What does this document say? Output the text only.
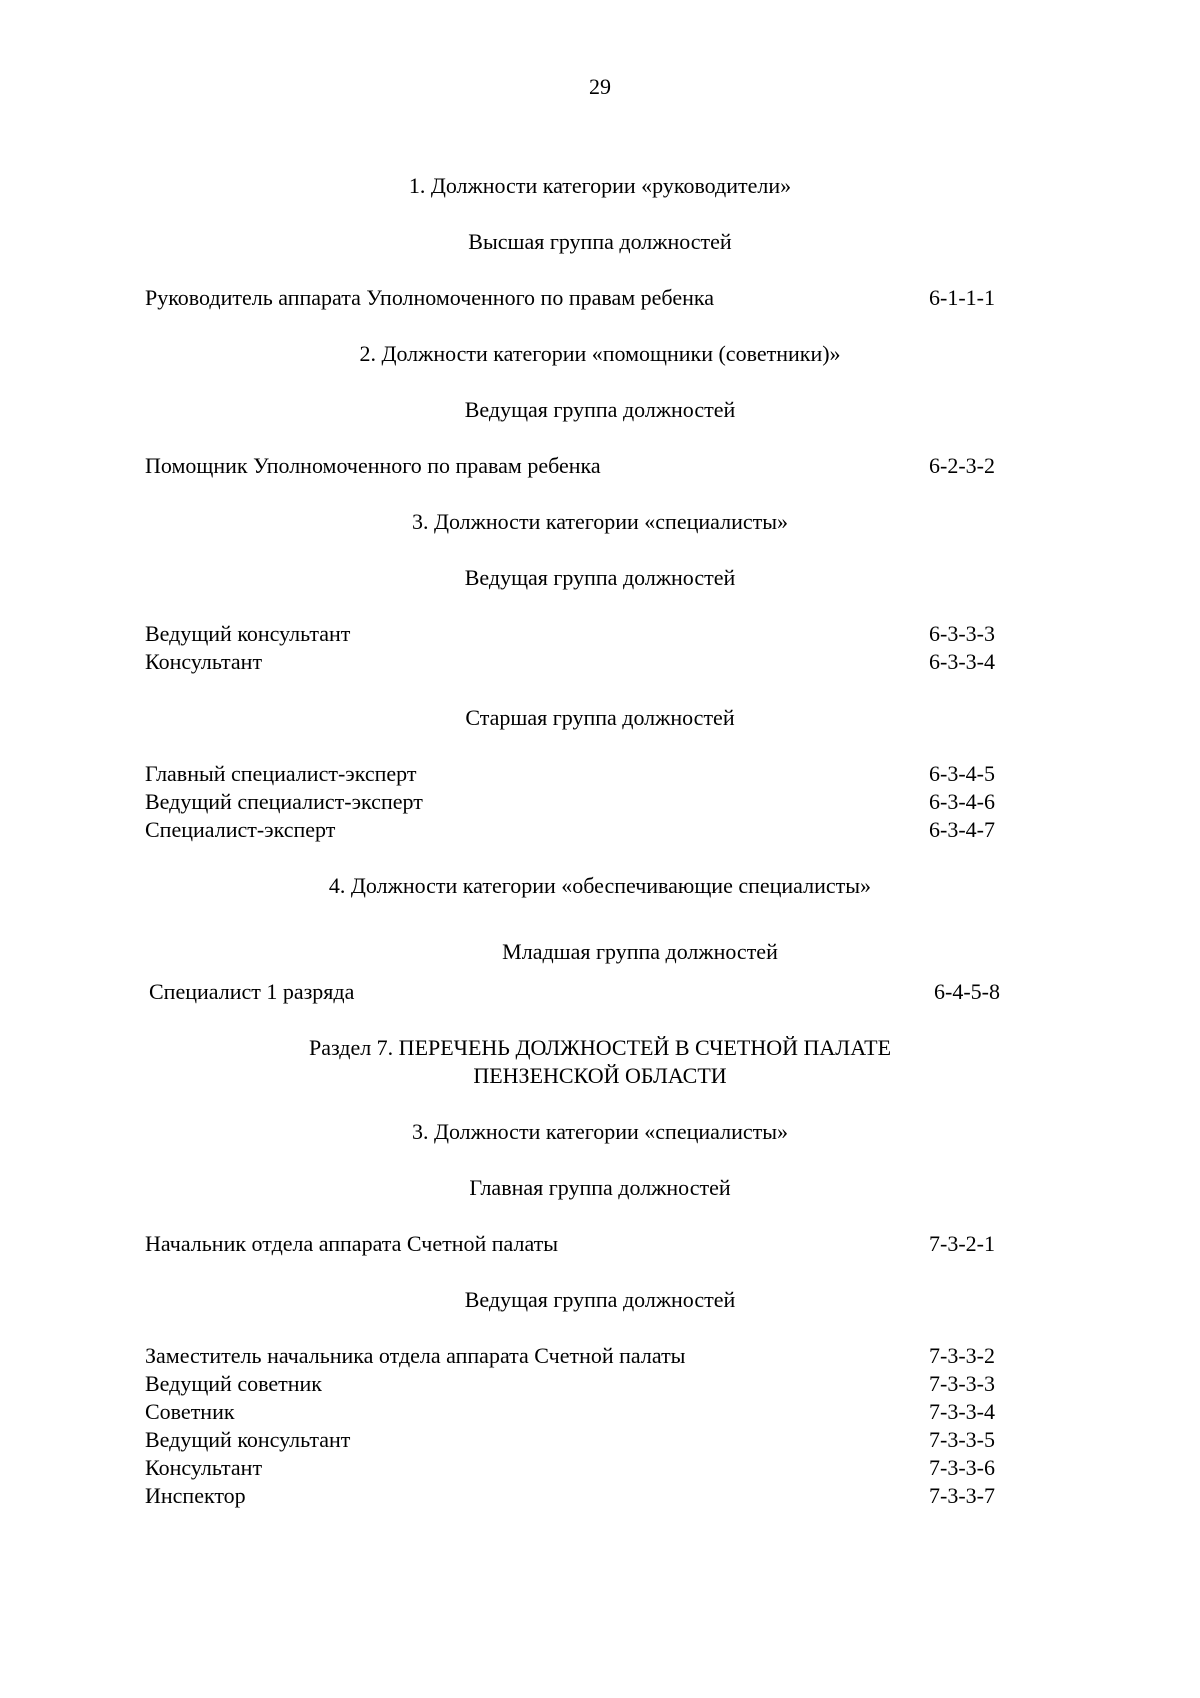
29
1. Должности категории «руководители»
Высшая группа должностей
Руководитель аппарата Уполномоченного по правам ребенка	6-1-1-1
2. Должности категории «помощники (советники)»
Ведущая группа должностей
Помощник Уполномоченного по правам ребенка	6-2-3-2
3. Должности категории «специалисты»
Ведущая группа должностей
Ведущий консультант	6-3-3-3
Консультант	6-3-3-4
Старшая группа должностей
Главный специалист-эксперт	6-3-4-5
Ведущий специалист-эксперт	6-3-4-6
Специалист-эксперт	6-3-4-7
4. Должности категории «обеспечивающие специалисты»
Младшая группа должностей
Специалист 1 разряда	6-4-5-8
Раздел 7. ПЕРЕЧЕНЬ ДОЛЖНОСТЕЙ В СЧЕТНОЙ ПАЛАТЕ
ПЕНЗЕНСКОЙ ОБЛАСТИ
3. Должности категории «специалисты»
Главная группа должностей
Начальник отдела аппарата Счетной палаты	7-3-2-1
Ведущая группа должностей
Заместитель начальника отдела аппарата Счетной палаты	7-3-3-2
Ведущий советник	7-3-3-3
Советник	7-3-3-4
Ведущий консультант	7-3-3-5
Консультант	7-3-3-6
Инспектор	7-3-3-7
